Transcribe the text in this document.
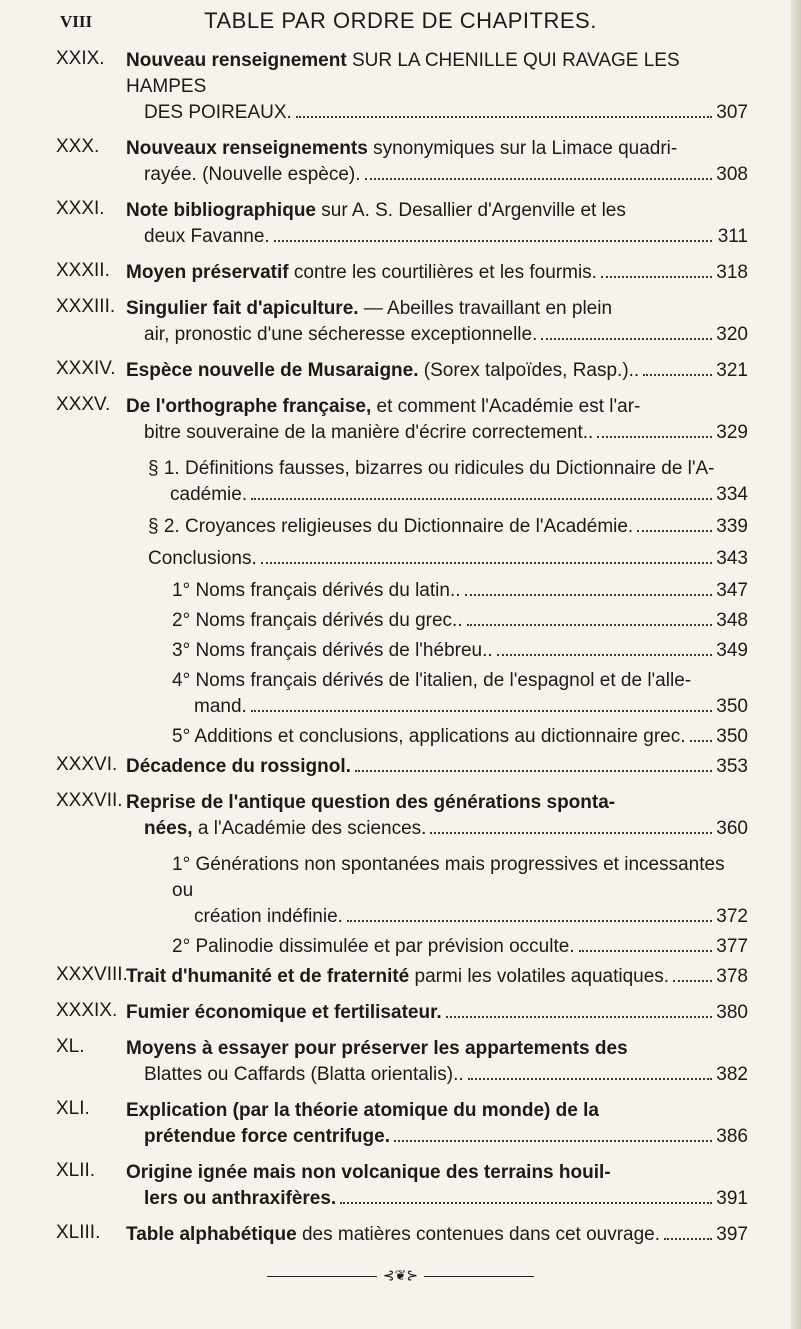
VIII	TABLE PAR ORDRE DE CHAPITRES.
XXIX.	Nouveau renseignement SUR LA CHENILLE QUI RAVAGE LES HAMPES
DES POIREAUX.	307
XXX.	Nouveaux renseignements synonymiques sur la Limace quadri-
rayée. (Nouvelle espèce).	308
XXXI.	Note bibliographique sur A. S. Desallier d'Argenville et les
deux Favanne.	311
XXXII. Moyen préservatif contre les courtilières et les fourmis.	318
XXXIII. Singulier fait d'apiculture. — Abeilles travaillant en plein
air, pronostic d'une sécheresse exceptionnelle.	320
XXXIV. Espèce nouvelle de Musaraigne. (Sorex talpoïdes, Rasp.)..	321
XXXV. De l'orthographe française, et comment l'Académie est l'ar-
bitre souveraine de la manière d'écrire correctement..	329
§ 1. Définitions fausses, bizarres ou ridicules du Dictionnaire de l'A-
cadémie.	334
§ 2. Croyances religieuses du Dictionnaire de l'Académie.	339
Conclusions.	343
1° Noms français dérivés du latin..	347
2° Noms français dérivés du grec..	348
3° Noms français dérivés de l'hébreu..	349
4° Noms français dérivés de l'italien, de l'espagnol et de l'alle-
mand.	350
5° Additions et conclusions, applications au dictionnaire grec. 350
XXXVI. Décadence du rossignol.	353
XXXVII. Reprise de l'antique question des générations sponta-
nées, a l'Académie des sciences.	360
1° Générations non spontanées mais progressives et incessantes ou
création indéfinie.	372
2° Palinodie dissimulée et par prévision occulte.	377
XXXVIII.
Trait d'humanité et de fraternité parmi les volatiles aquatiques. 378
XXXIX. Fumier économique et fertilisateur.	380
XL.	Moyens à essayer pour préserver les appartements des
Blattes ou Caffards (Blatta orientalis)..	382
XLI.	Explication (par la théorie atomique du monde) de la
prétendue force centrifuge.	386
XLII.	Origine ignée mais non volcanique des terrains houil-
lers ou anthraxifères.	391
XLIII.	Table alphabétique des matières contenues dans cet ouvrage.	397
⊰❦⊱
